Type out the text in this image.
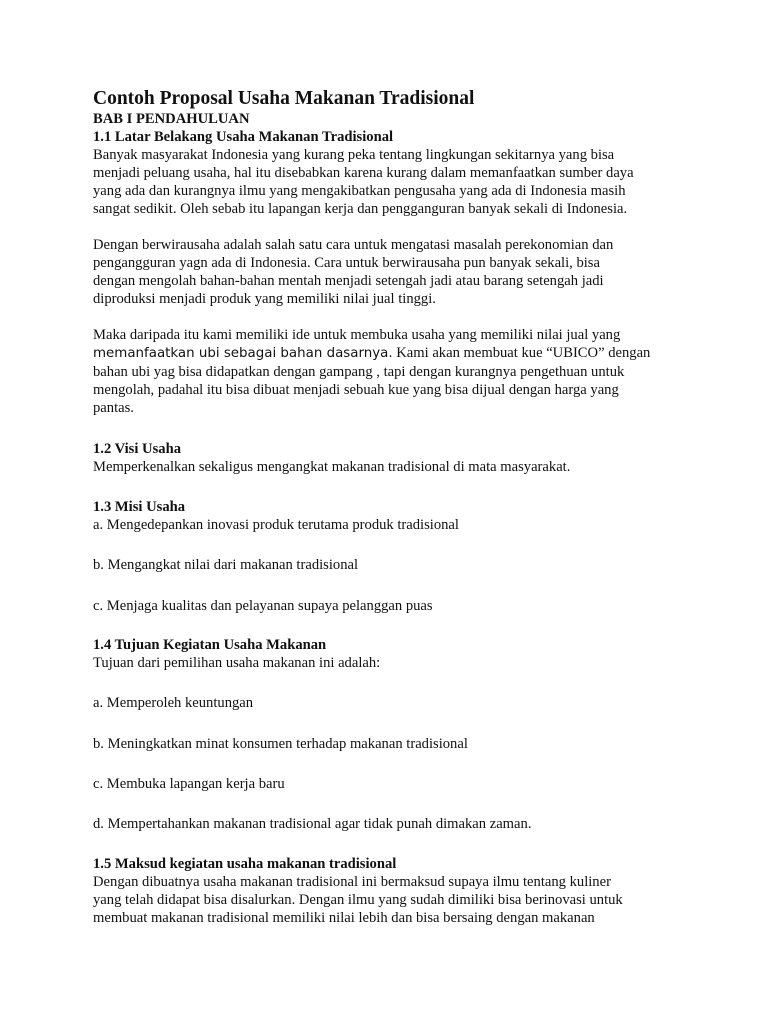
Contoh Proposal Usaha Makanan Tradisional
BAB I PENDAHULUAN
1.1 Latar Belakang Usaha Makanan Tradisional
Banyak masyarakat Indonesia yang kurang peka tentang lingkungan sekitarnya yang bisa
menjadi peluang usaha, hal itu disebabkan karena kurang dalam memanfaatkan sumber daya
yang ada dan kurangnya ilmu yang mengakibatkan pengusaha yang ada di Indonesia masih
sangat sedikit. Oleh sebab itu lapangan kerja dan pengganguran banyak sekali di Indonesia.
Dengan berwirausaha adalah salah satu cara untuk mengatasi masalah perekonomian dan
pengangguran yagn ada di Indonesia. Cara untuk berwirausaha pun banyak sekali, bisa
dengan mengolah bahan-bahan mentah menjadi setengah jadi atau barang setengah jadi
diproduksi menjadi produk yang memiliki nilai jual tinggi.
Maka daripada itu kami memiliki ide untuk membuka usaha yang memiliki nilai jual yang
memanfaatkan ubi sebagai bahan dasarnya. Kami akan membuat kue “UBICO” dengan
bahan ubi yag bisa didapatkan dengan gampang , tapi dengan kurangnya pengethuan untuk
mengolah, padahal itu bisa dibuat menjadi sebuah kue yang bisa dijual dengan harga yang
pantas.
1.2 Visi Usaha
Memperkenalkan sekaligus mengangkat makanan tradisional di mata masyarakat.
1.3 Misi Usaha
a. Mengedepankan inovasi produk terutama produk tradisional
b. Mengangkat nilai dari makanan tradisional
c. Menjaga kualitas dan pelayanan supaya pelanggan puas
1.4 Tujuan Kegiatan Usaha Makanan
Tujuan dari pemilihan usaha makanan ini adalah:
a. Memperoleh keuntungan
b. Meningkatkan minat konsumen terhadap makanan tradisional
c. Membuka lapangan kerja baru
d. Mempertahankan makanan tradisional agar tidak punah dimakan zaman.
1.5 Maksud kegiatan usaha makanan tradisional
Dengan dibuatnya usaha makanan tradisional ini bermaksud supaya ilmu tentang kuliner
yang telah didapat bisa disalurkan. Dengan ilmu yang sudah dimiliki bisa berinovasi untuk
membuat makanan tradisional memiliki nilai lebih dan bisa bersaing dengan makanan
